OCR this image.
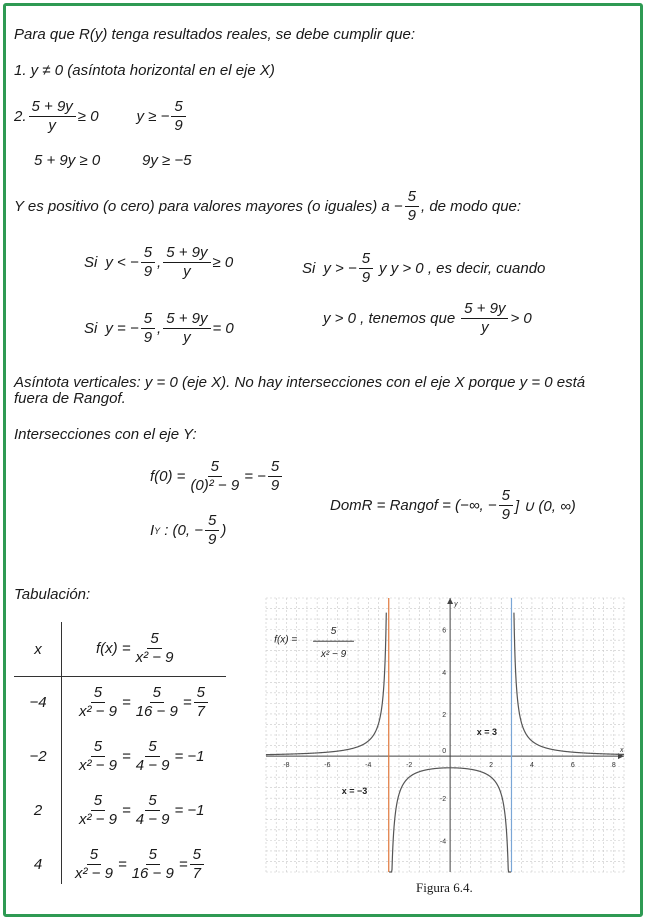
Para que R(y) tenga resultados reales, se debe cumplir que:
1. y ≠ 0 (asíntota horizontal en el eje X)
2. $\frac{5 + 9y}{y} \ge 0$	y ≥ − $\frac{5}{9}$
5 + 9y ≥ 0	9y ≥ −5
Y es positivo (o cero) para valores mayores (o iguales) $a - \frac{5}{9}$ , de modo que:
Si y < − $\frac{5}{9}$ , $\frac{5 + 9y}{y} \ge 0$	Si y > − $\frac{5}{9}$ y y > 0 , es decir, cuando
Si y = − $\frac{5}{9}$ , $\frac{5 + 9y}{y} = 0$
y > 0 , tenemos que $\frac{5 + 9y}{y} > 0$
Asíntota verticales: y = 0 (eje X). No hay intersecciones con el eje X porque y = 0 está
fuera de Rangof.
Intersecciones con el eje Y:
$f(0) = \frac{5}{\text{(0)² − 9}}$ = − $\frac{5}{9}$
I Y : (0, − $\frac{5}{9}$ )
DomR = Rangof = (−∞, − $\frac{5}{9}$ ] ∪ (0, ∞)
Tabulación:
x	$f(x) = \frac{5}{\text{x² − 9}}$
−4	$\frac{5}{\text{x² − 9}} = \frac{5}{16 - 9} = \frac{5}{7}$
−2	$\frac{5}{\text{x² − 9}} = \frac{5}{4 - 9} = -1$
2	$\frac{5}{\text{x² − 9}} = \frac{5}{4 - 9} = -1$
4	$\frac{5}{\text{x² − 9}} = \frac{5}{16 - 9} = \frac{5}{7}$
-8	-6	-4	-2	2	4	6	8
6
4
2
-2
-4
0	x
y
x = 3
x = −3
f(x) =
5
x² − 9
Figura 6.4.
